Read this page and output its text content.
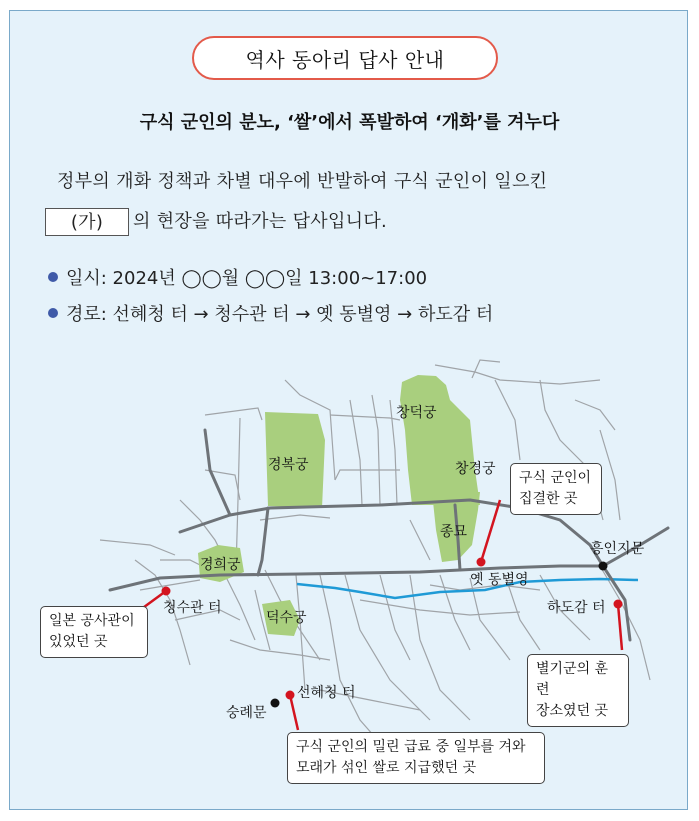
역사 동아리 답사 안내
구식 군인의 분노, ‘쌀’에서 폭발하여 ‘개화’를 겨누다
정부의 개화 정책과 차별 대우에 반발하여 구식 군인이 일으킨
(가) 의 현장을 따라가는 답사입니다.
일시: 2024년 ◯◯월 ◯◯일 13:00~17:00
경로: 선혜청 터 → 청수관 터 → 옛 동별영 → 하도감 터
창덕궁
경복궁	창경궁
종묘
경희궁
덕수궁
흥인지문
숭례문
청수관 터
옛 동별영
하도감 터
선혜청 터
구식 군인이
집결한 곳
일본 공사관이
있었던 곳
별기군의 훈련
장소였던 곳
구식 군인의 밀린 급료 중 일부를 겨와
모래가 섞인 쌀로 지급했던 곳
